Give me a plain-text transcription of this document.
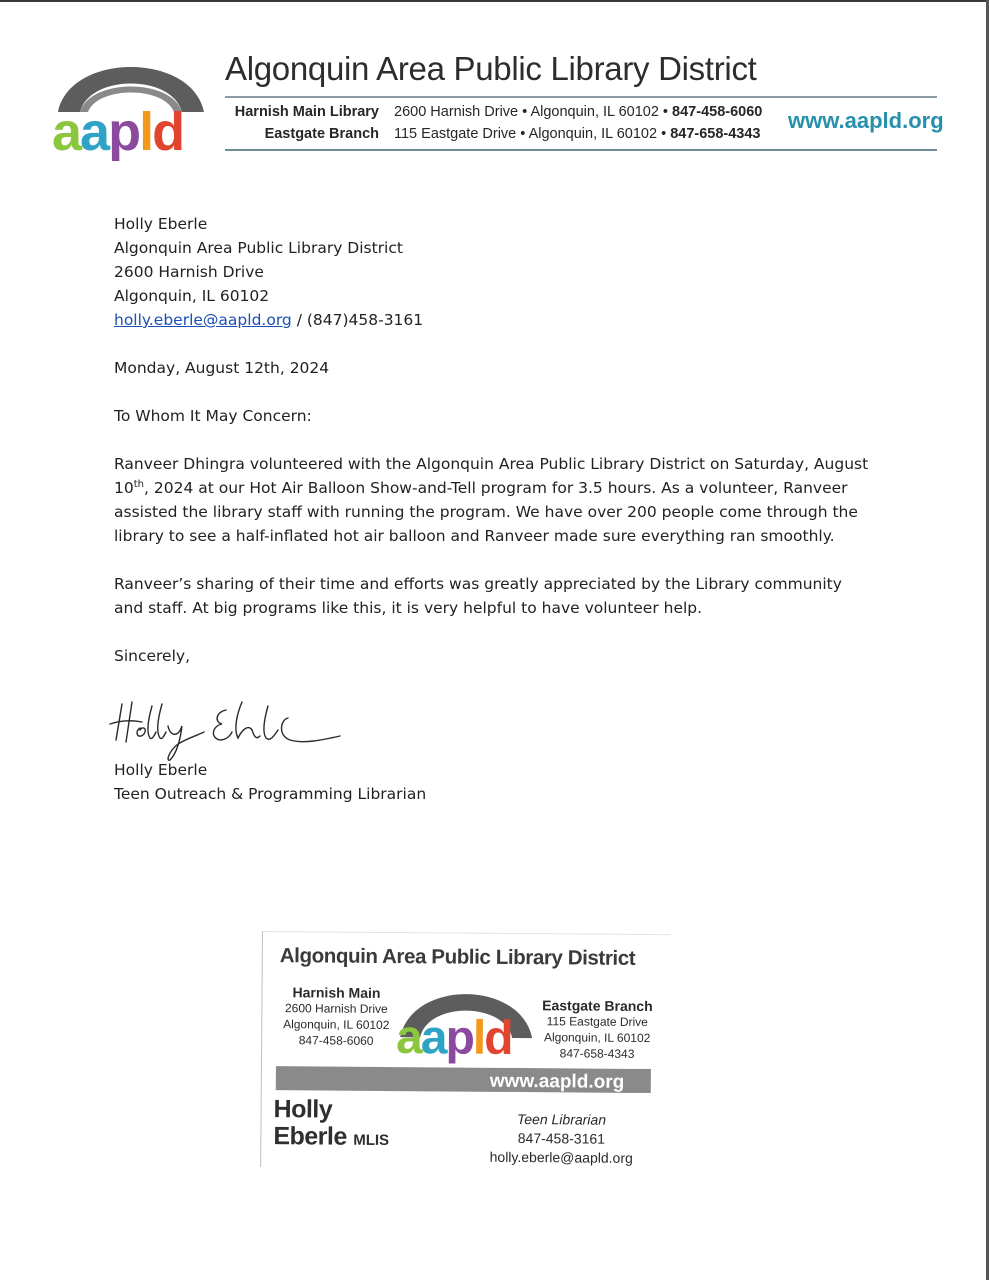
aapld
Algonquin Area Public Library District
Harnish Main Library 2600 Harnish Drive • Algonquin, IL 60102 • 847-458-6060
Eastgate Branch 115 Eastgate Drive • Algonquin, IL 60102 • 847-658-4343
www.aapld.org
Holly Eberle
Algonquin Area Public Library District
2600 Harnish Drive
Algonquin, IL 60102
holly.eberle@aapld.org / (847)458-3161

Monday, August 12th, 2024

To Whom It May Concern:

Ranveer Dhingra volunteered with the Algonquin Area Public Library District on Saturday, August 10th, 2024 at our Hot Air Balloon Show-and-Tell program for 3.5 hours. As a volunteer, Ranveer assisted the library staff with running the program. We have over 200 people come through the library to see a half-inflated hot air balloon and Ranveer made sure everything ran smoothly.

Ranveer’s sharing of their time and efforts was greatly appreciated by the Library community and staff. At big programs like this, it is very helpful to have volunteer help.

Sincerely,

Holly Eberle
Teen Outreach & Programming Librarian
Algonquin Area Public Library District
Harnish Main
2600 Harnish Drive
Algonquin, IL 60102
847-458-6060 aapld
Eastgate Branch
115 Eastgate Drive
Algonquin, IL 60102
847-658-4343
www.aapld.org
Holly
Eberle MLIS
Teen Librarian
847-458-3161
holly.eberle@aapld.org
